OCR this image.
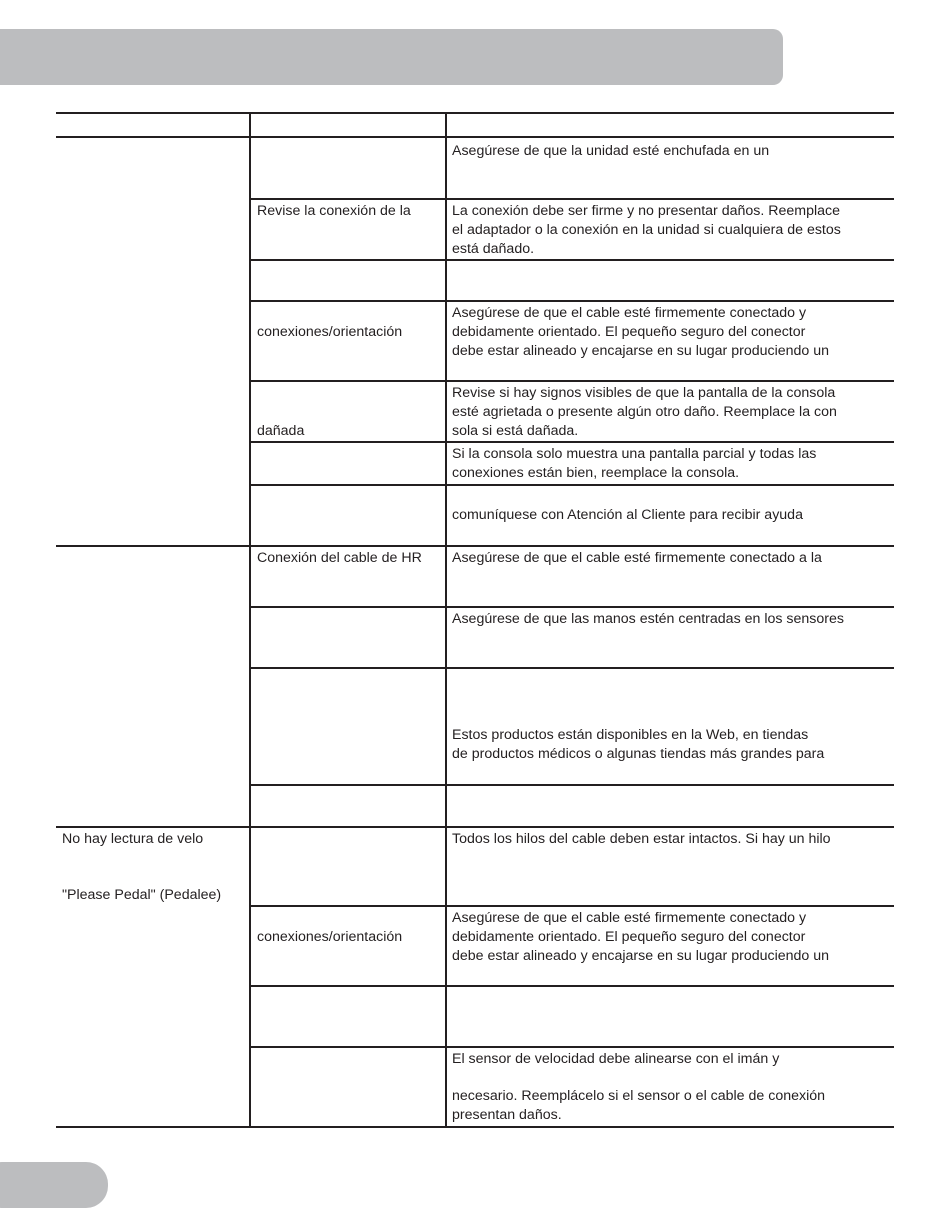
Asegúrese de que la unidad esté enchufada en un
Revise la conexión de la	La conexión debe ser firme y no presentar daños. Reemplace
el adaptador o la conexión en la unidad si cualquiera de estos
está dañado.
conexiones/orientación
Asegúrese de que el cable esté firmemente conectado y
debidamente orientado. El pequeño seguro del conector
debe estar alineado y encajarse en su lugar produciendo un
dañada
Revise si hay signos visibles de que la pantalla de la consola
esté agrietada o presente algún otro daño. Reemplace la con
sola si está dañada.
Si la consola solo muestra una pantalla parcial y todas las
conexiones están bien, reemplace la consola.
comuníquese con Atención al Cliente para recibir ayuda
Conexión del cable de HR Asegúrese de que el cable esté firmemente conectado a la
Asegúrese de que las manos estén centradas en los sensores
Estos productos están disponibles en la Web, en tiendas
de productos médicos o algunas tiendas más grandes para
No hay lectura de velo
"Please Pedal" (Pedalee)
Todos los hilos del cable deben estar intactos. Si hay un hilo
conexiones/orientación
Asegúrese de que el cable esté firmemente conectado y
debidamente orientado. El pequeño seguro del conector
debe estar alineado y encajarse en su lugar produciendo un
El sensor de velocidad debe alinearse con el imán y
necesario. Reemplácelo si el sensor o el cable de conexión
presentan daños.
